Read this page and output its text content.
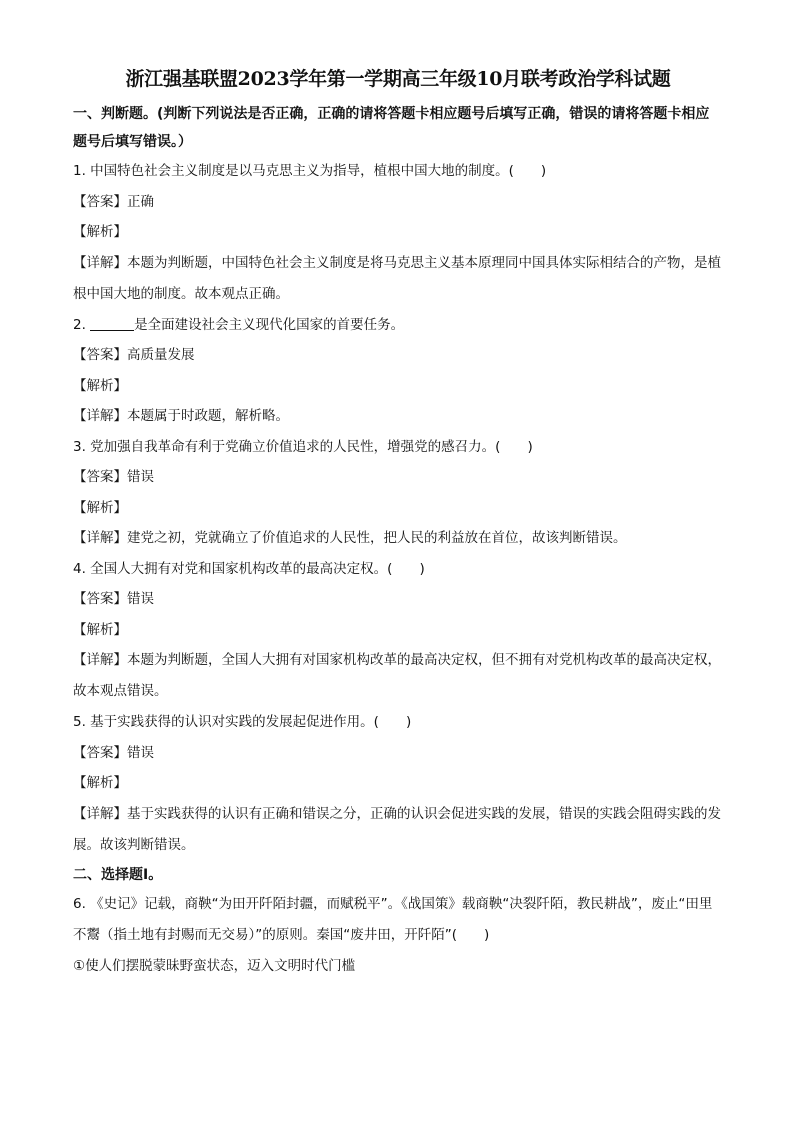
浙江强基联盟2023学年第一学期高三年级10月联考政治学科试题
一、判断题。(判断下列说法是否正确，正确的请将答题卡相应题号后填写正确，错误的请将答题卡相应题号后填写错误。）
1. 中国特色社会主义制度是以马克思主义为指导，植根中国大地的制度。(　　)
【答案】正确
【解析】
【详解】本题为判断题，中国特色社会主义制度是将马克思主义基本原理同中国具体实际相结合的产物，是植根中国大地的制度。故本观点正确。
2.	是全面建设社会主义现代化国家的首要任务。
【答案】高质量发展
【解析】
【详解】本题属于时政题，解析略。
3. 党加强自我革命有利于党确立价值追求的人民性，增强党的感召力。(　　)
【答案】错误
【解析】
【详解】建党之初，党就确立了价值追求的人民性，把人民的利益放在首位，故该判断错误。
4. 全国人大拥有对党和国家机构改革的最高决定权。(　　)
【答案】错误
【解析】
【详解】本题为判断题，全国人大拥有对国家机构改革的最高决定权，但不拥有对党机构改革的最高决定权，故本观点错误。
5. 基于实践获得的认识对实践的发展起促进作用。(　　)
【答案】错误
【解析】
【详解】基于实践获得的认识有正确和错误之分，正确的认识会促进实践的发展，错误的实践会阻碍实践的发展。故该判断错误。
二、选择题Ⅰ。
6. 《史记》记载，商鞅“为田开阡陌封疆，而赋税平”。《战国策》载商鞅“决裂阡陌，教民耕战”，废止“田里不鬻（指土地有封赐而无交易）”的原则。秦国“废井田，开阡陌”(　　)
①使人们摆脱蒙昧野蛮状态，迈入文明时代门槛
